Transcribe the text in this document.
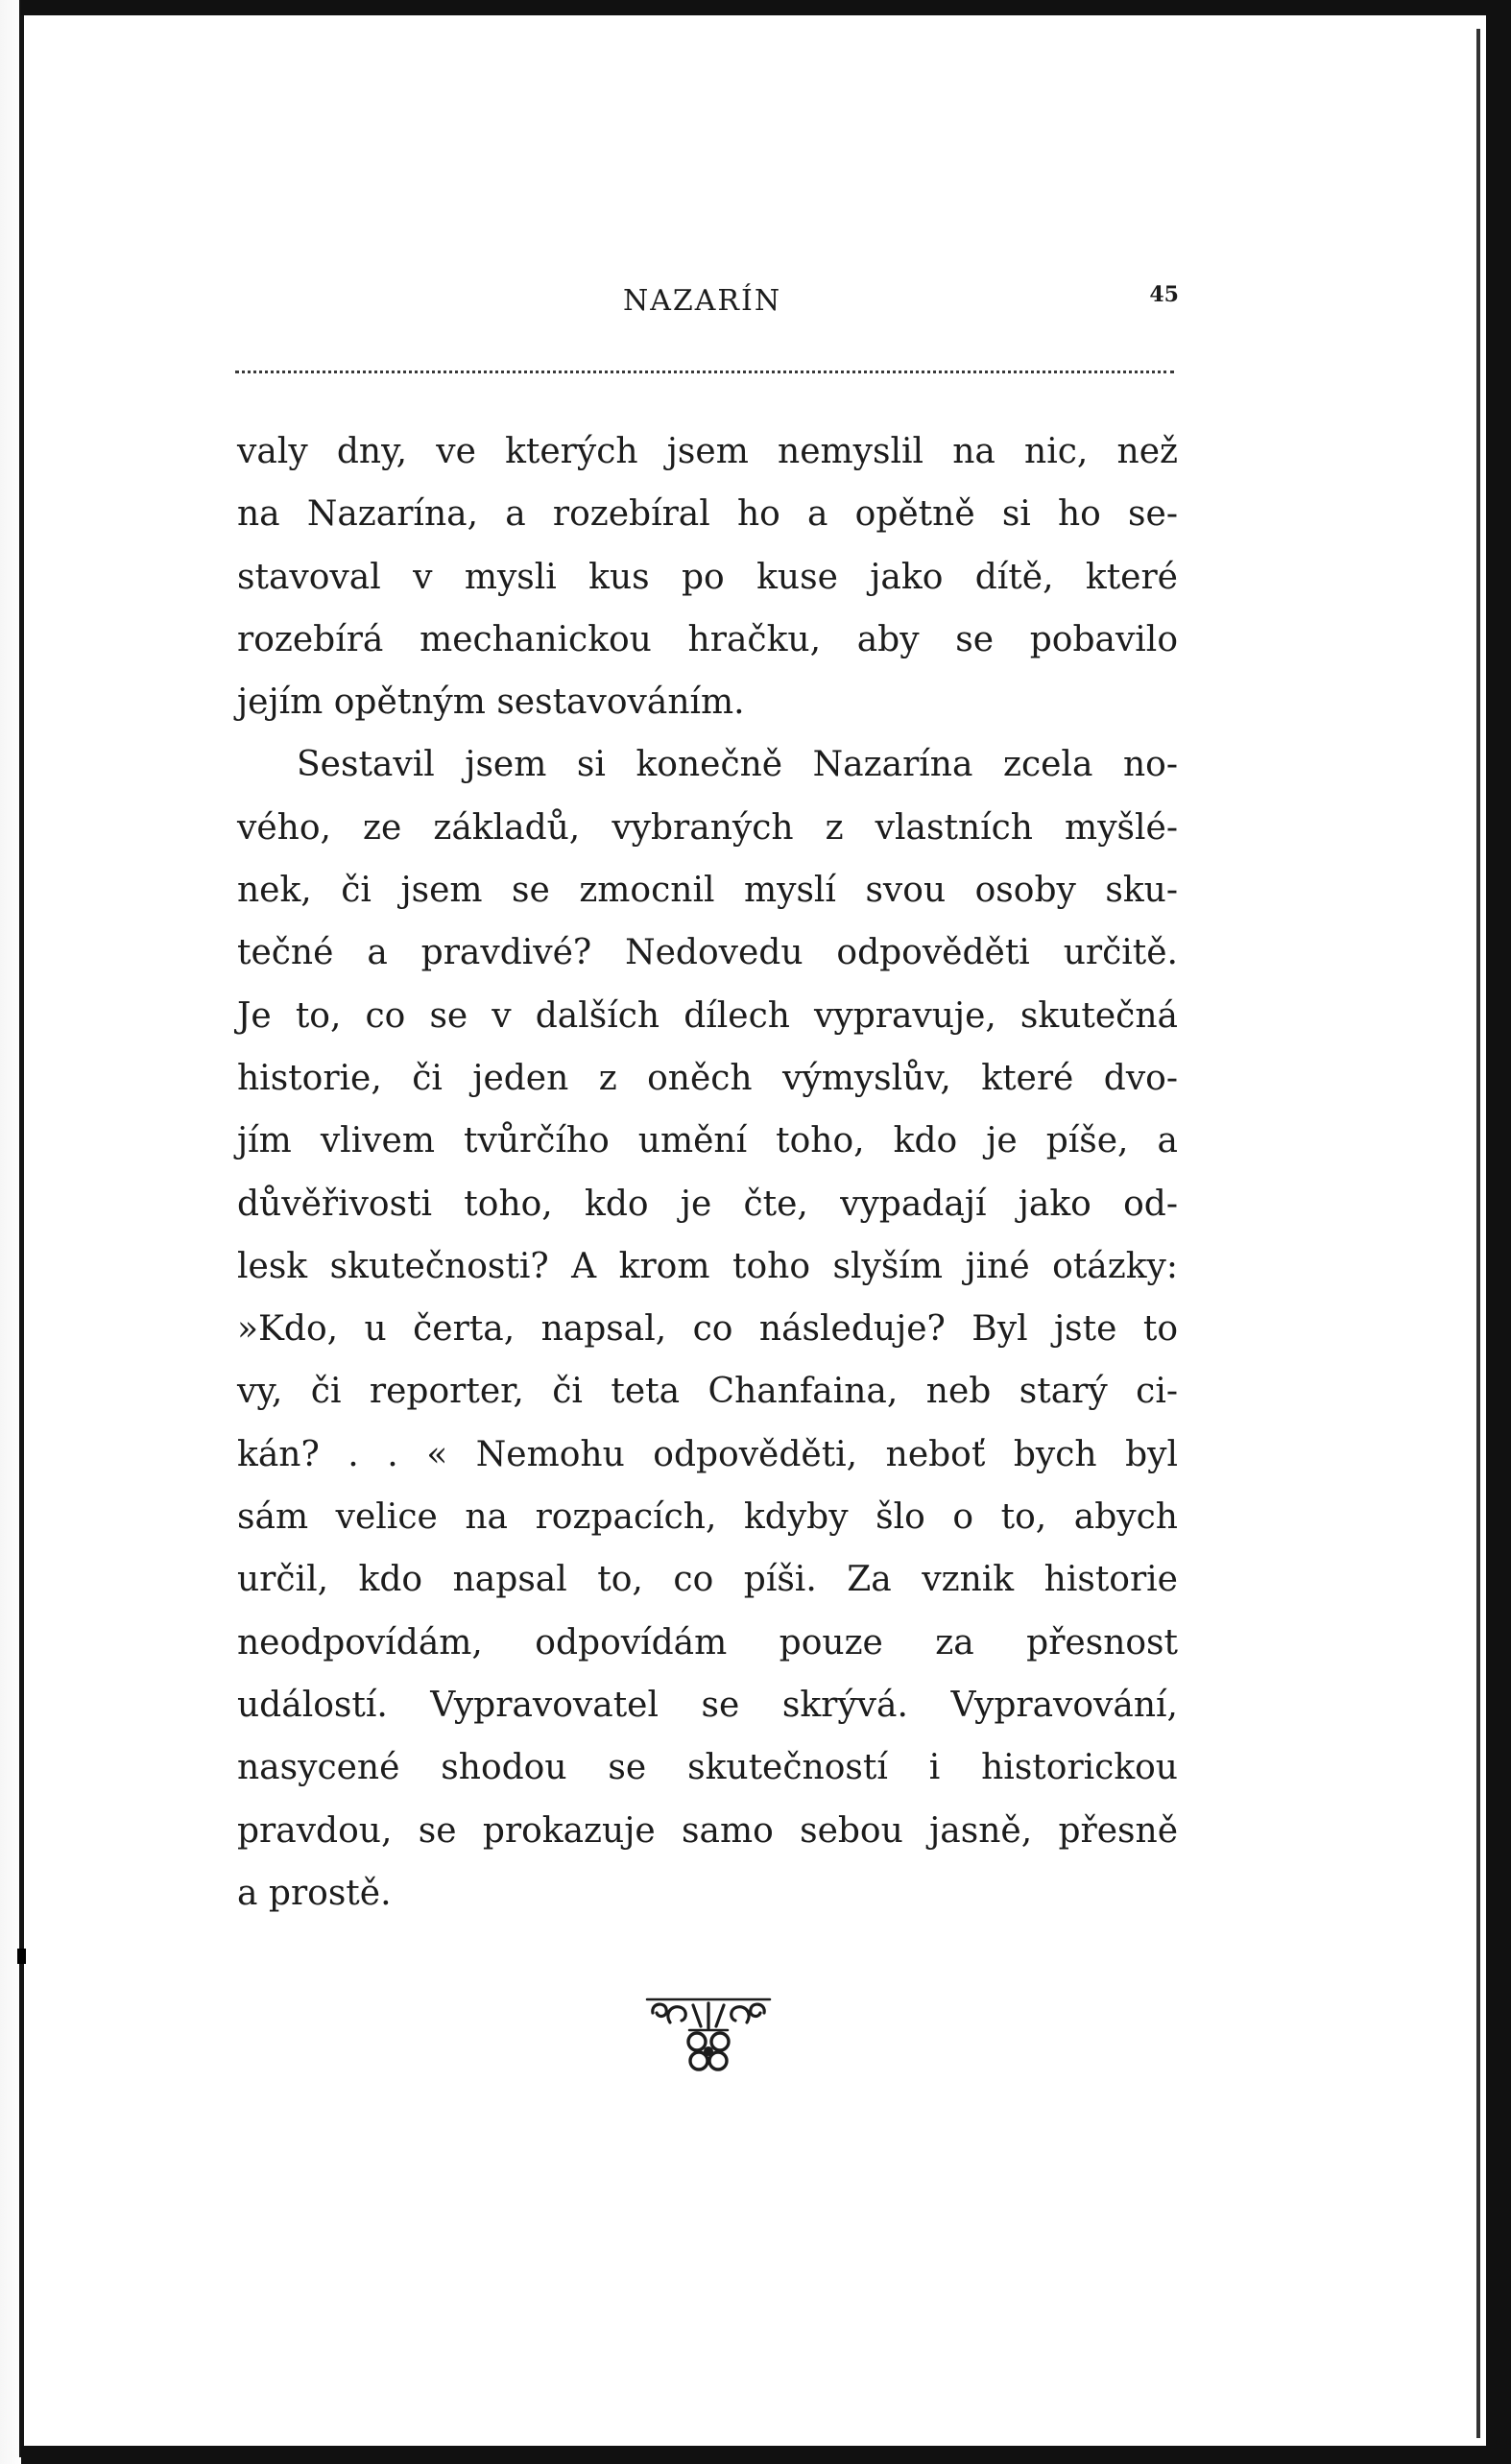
NAZARÍN	45
valy dny, ve kterých jsem nemyslil na nic, než
na Nazarína, a rozebíral ho a opětně si ho se-
stavoval v mysli kus po kuse jako dítě, které
rozebírá mechanickou hračku, aby se pobavilo
jejím opětným sestavováním.
Sestavil jsem si konečně Nazarína zcela no-
vého, ze základů, vybraných z vlastních myšlé-
nek, či jsem se zmocnil myslí svou osoby sku-
tečné a pravdivé? Nedovedu odpověděti určitě.
Je to, co se v dalších dílech vypravuje, skutečná
historie, či jeden z oněch výmyslův, které dvo-
jím vlivem tvůrčího umění toho, kdo je píše, a
důvěřivosti toho, kdo je čte, vypadají jako od-
lesk skutečnosti? A krom toho slyším jiné otázky:
»Kdo, u čerta, napsal, co následuje? Byl jste to
vy, či reporter, či teta Chanfaina, neb starý ci-
kán? . . « Nemohu odpověděti, neboť bych byl
sám velice na rozpacích, kdyby šlo o to, abych
určil, kdo napsal to, co píši. Za vznik historie
neodpovídám, odpovídám pouze za přesnost
událostí. Vypravovatel se skrývá. Vypravování,
nasycené shodou se skutečností i historickou
pravdou, se prokazuje samo sebou jasně, přesně
a prostě.
